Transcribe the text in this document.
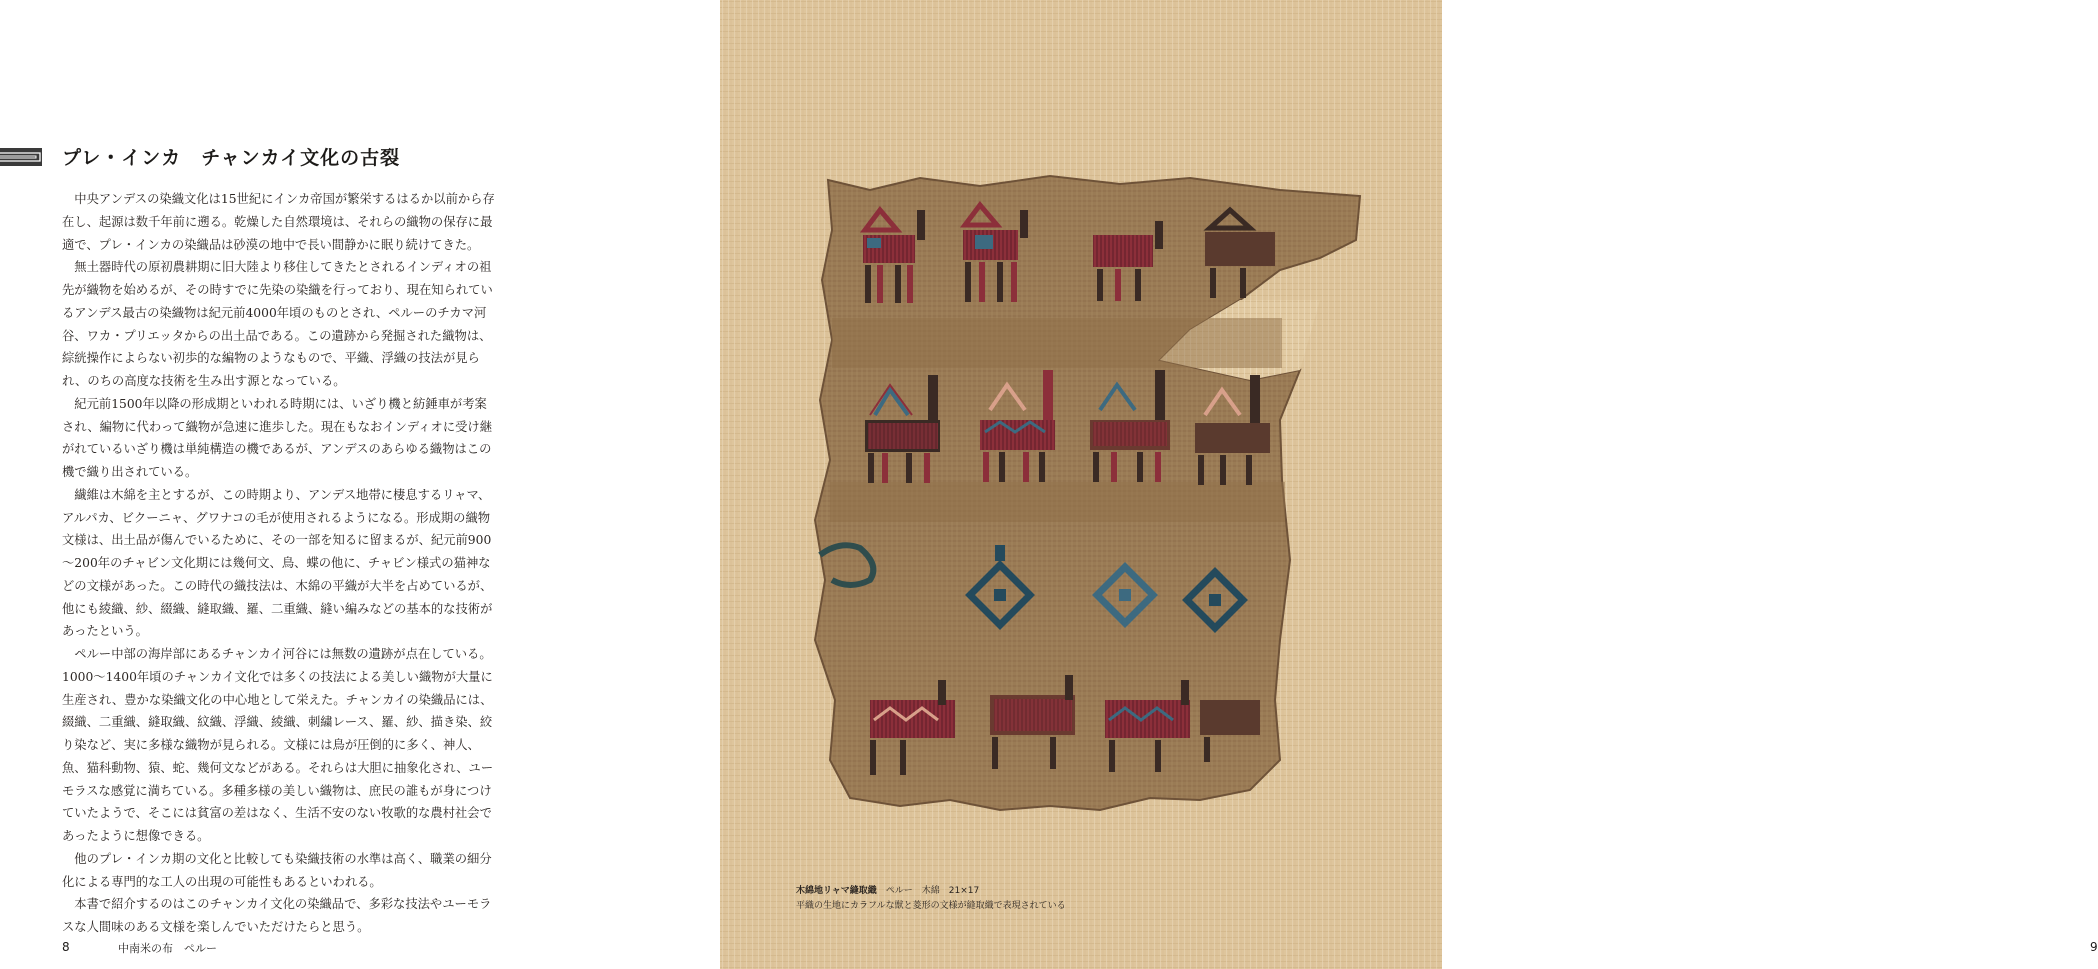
プレ・インカ　チャンカイ文化の古裂

中央アンデスの染織文化は15世紀にインカ帝国が繁栄するはるか以前から存在し、起源は数千年前に遡る。乾燥した自然環境は、それらの織物の保存に最適で、プレ・インカの染織品は砂漠の地中で長い間静かに眠り続けてきた。

無土器時代の原初農耕期に旧大陸より移住してきたとされるインディオの祖先が織物を始めるが、その時すでに先染の染織を行っており、現在知られているアンデス最古の染織物は紀元前4000年頃のものとされ、ペルーのチカマ河谷、ワカ・プリエッタからの出土品である。この遺跡から発掘された織物は、綜絖操作によらない初歩的な編物のようなもので、平織、浮織の技法が見られ、のちの高度な技術を生み出す源となっている。

紀元前1500年以降の形成期といわれる時期には、いざり機と紡錘車が考案され、編物に代わって織物が急速に進歩した。現在もなおインディオに受け継がれているいざり機は単純構造の機であるが、アンデスのあらゆる織物はこの機で織り出されている。

繊維は木綿を主とするが、この時期より、アンデス地帯に棲息するリャマ、アルパカ、ビクーニャ、グワナコの毛が使用されるようになる。形成期の織物文様は、出土品が傷んでいるために、その一部を知るに留まるが、紀元前900～200年のチャビン文化期には幾何文、鳥、蝶の他に、チャビン様式の猫神などの文様があった。この時代の織技法は、木綿の平織が大半を占めているが、他にも綾織、紗、綴織、縫取織、羅、二重織、縫い編みなどの基本的な技術があったという。

ペルー中部の海岸部にあるチャンカイ河谷には無数の遺跡が点在している。1000～1400年頃のチャンカイ文化では多くの技法による美しい織物が大量に生産され、豊かな染織文化の中心地として栄えた。チャンカイの染織品には、綴織、二重織、縫取織、紋織、浮織、綾織、刺繍レース、羅、紗、描き染、絞り染など、実に多様な織物が見られる。文様には鳥が圧倒的に多く、神人、魚、猫科動物、猿、蛇、幾何文などがある。それらは大胆に抽象化され、ユーモラスな感覚に満ちている。多種多様の美しい織物は、庶民の誰もが身につけていたようで、そこには貧富の差はなく、生活不安のない牧歌的な農村社会であったように想像できる。

他のプレ・インカ期の文化と比較しても染織技術の水準は高く、職業の細分化による専門的な工人の出現の可能性もあるといわれる。

本書で紹介するのはこのチャンカイ文化の染織品で、多彩な技法やユーモラスな人間味のある文様を楽しんでいただけたらと思う。

8	中南米の布　ペルー
木綿地リャマ縫取織　 ペルー　木綿　21×17
平織の生地にカラフルな獣と菱形の文様が縫取織で表現されている
9
